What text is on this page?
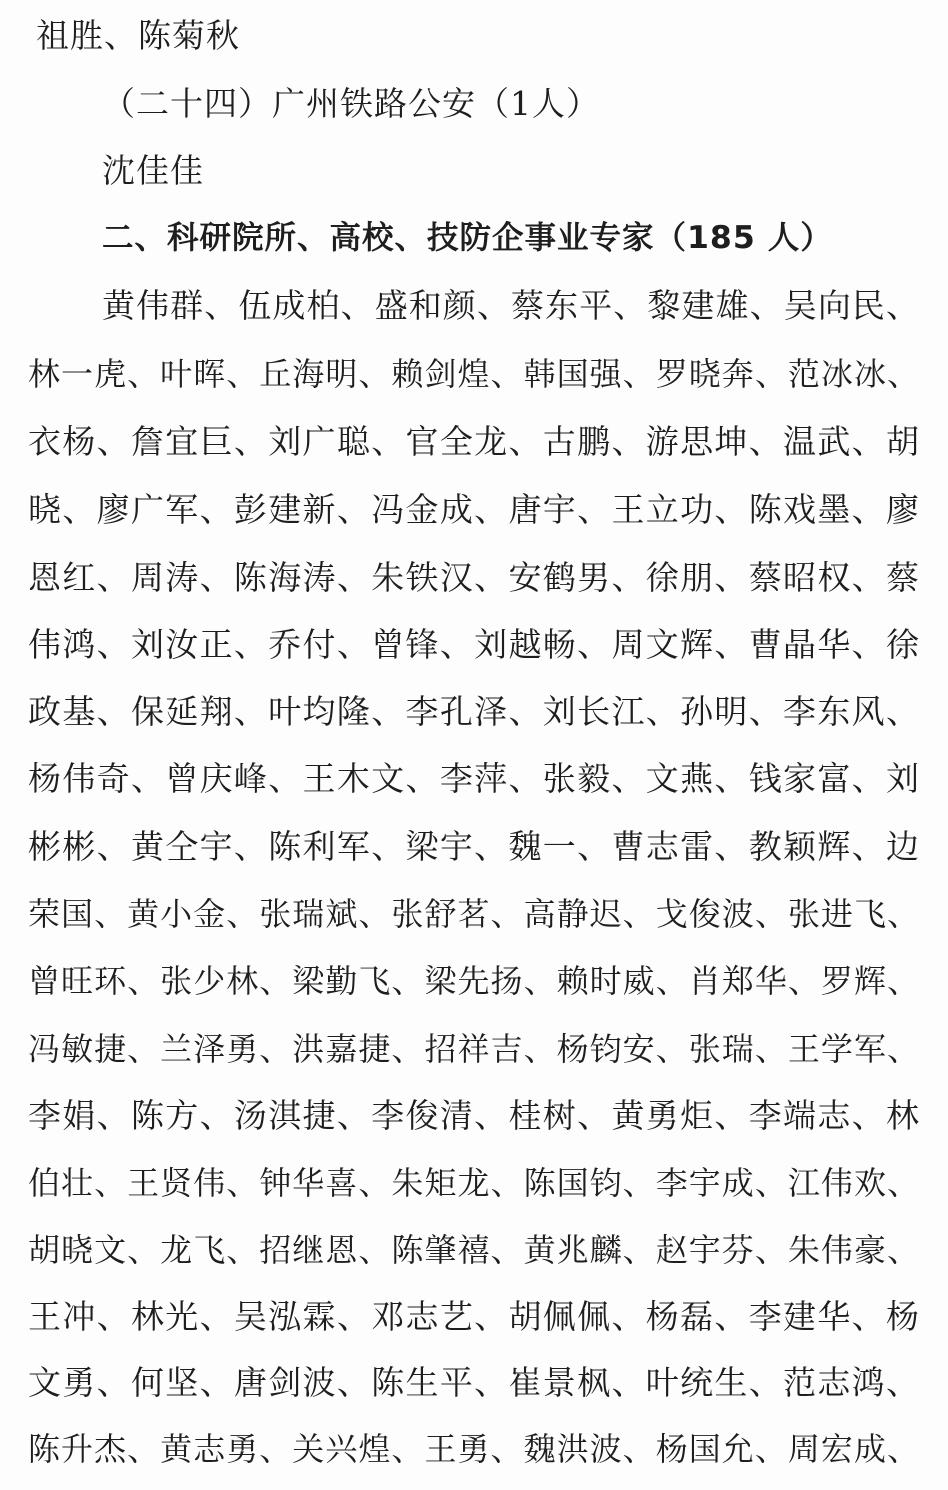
祖胜、陈菊秋
（二十四）广州铁路公安（1人）
沈佳佳
二、科研院所、高校、技防企事业专家（185 人）
黄伟群、伍成柏、盛和颜、蔡东平、黎建雄、吴向民、
林一虎、叶晖、丘海明、赖剑煌、韩国强、罗晓奔、范冰冰、
衣杨、詹宜巨、刘广聪、官全龙、古鹏、游思坤、温武、胡
晓、廖广军、彭建新、冯金成、唐宇、王立功、陈戏墨、廖
恩红、周涛、陈海涛、朱铁汉、安鹤男、徐朋、蔡昭权、蔡
伟鸿、刘汝正、乔付、曾锋、刘越畅、周文辉、曹晶华、徐
政基、保延翔、叶均隆、李孔泽、刘长江、孙明、李东风、
杨伟奇、曾庆峰、王木文、李萍、张毅、文燕、钱家富、刘
彬彬、黄仝宇、陈利军、梁宇、魏一、曹志雷、教颖辉、边
荣国、黄小金、张瑞斌、张舒茗、高静迟、戈俊波、张进飞、
曾旺环、张少林、梁勤飞、梁先扬、赖时威、肖郑华、罗辉、
冯敏捷、兰泽勇、洪嘉捷、招祥吉、杨钧安、张瑞、王学军、
李娟、陈方、汤淇捷、李俊清、桂树、黄勇炬、李端志、林
伯壮、王贤伟、钟华喜、朱矩龙、陈国钧、李宇成、江伟欢、
胡晓文、龙飞、招继恩、陈肇禧、黄兆麟、赵宇芬、朱伟豪、
王冲、林光、吴泓霖、邓志艺、胡佩佩、杨磊、李建华、杨
文勇、何坚、唐剑波、陈生平、崔景枫、叶统生、范志鸿、
陈升杰、黄志勇、关兴煌、王勇、魏洪波、杨国允、周宏成、
